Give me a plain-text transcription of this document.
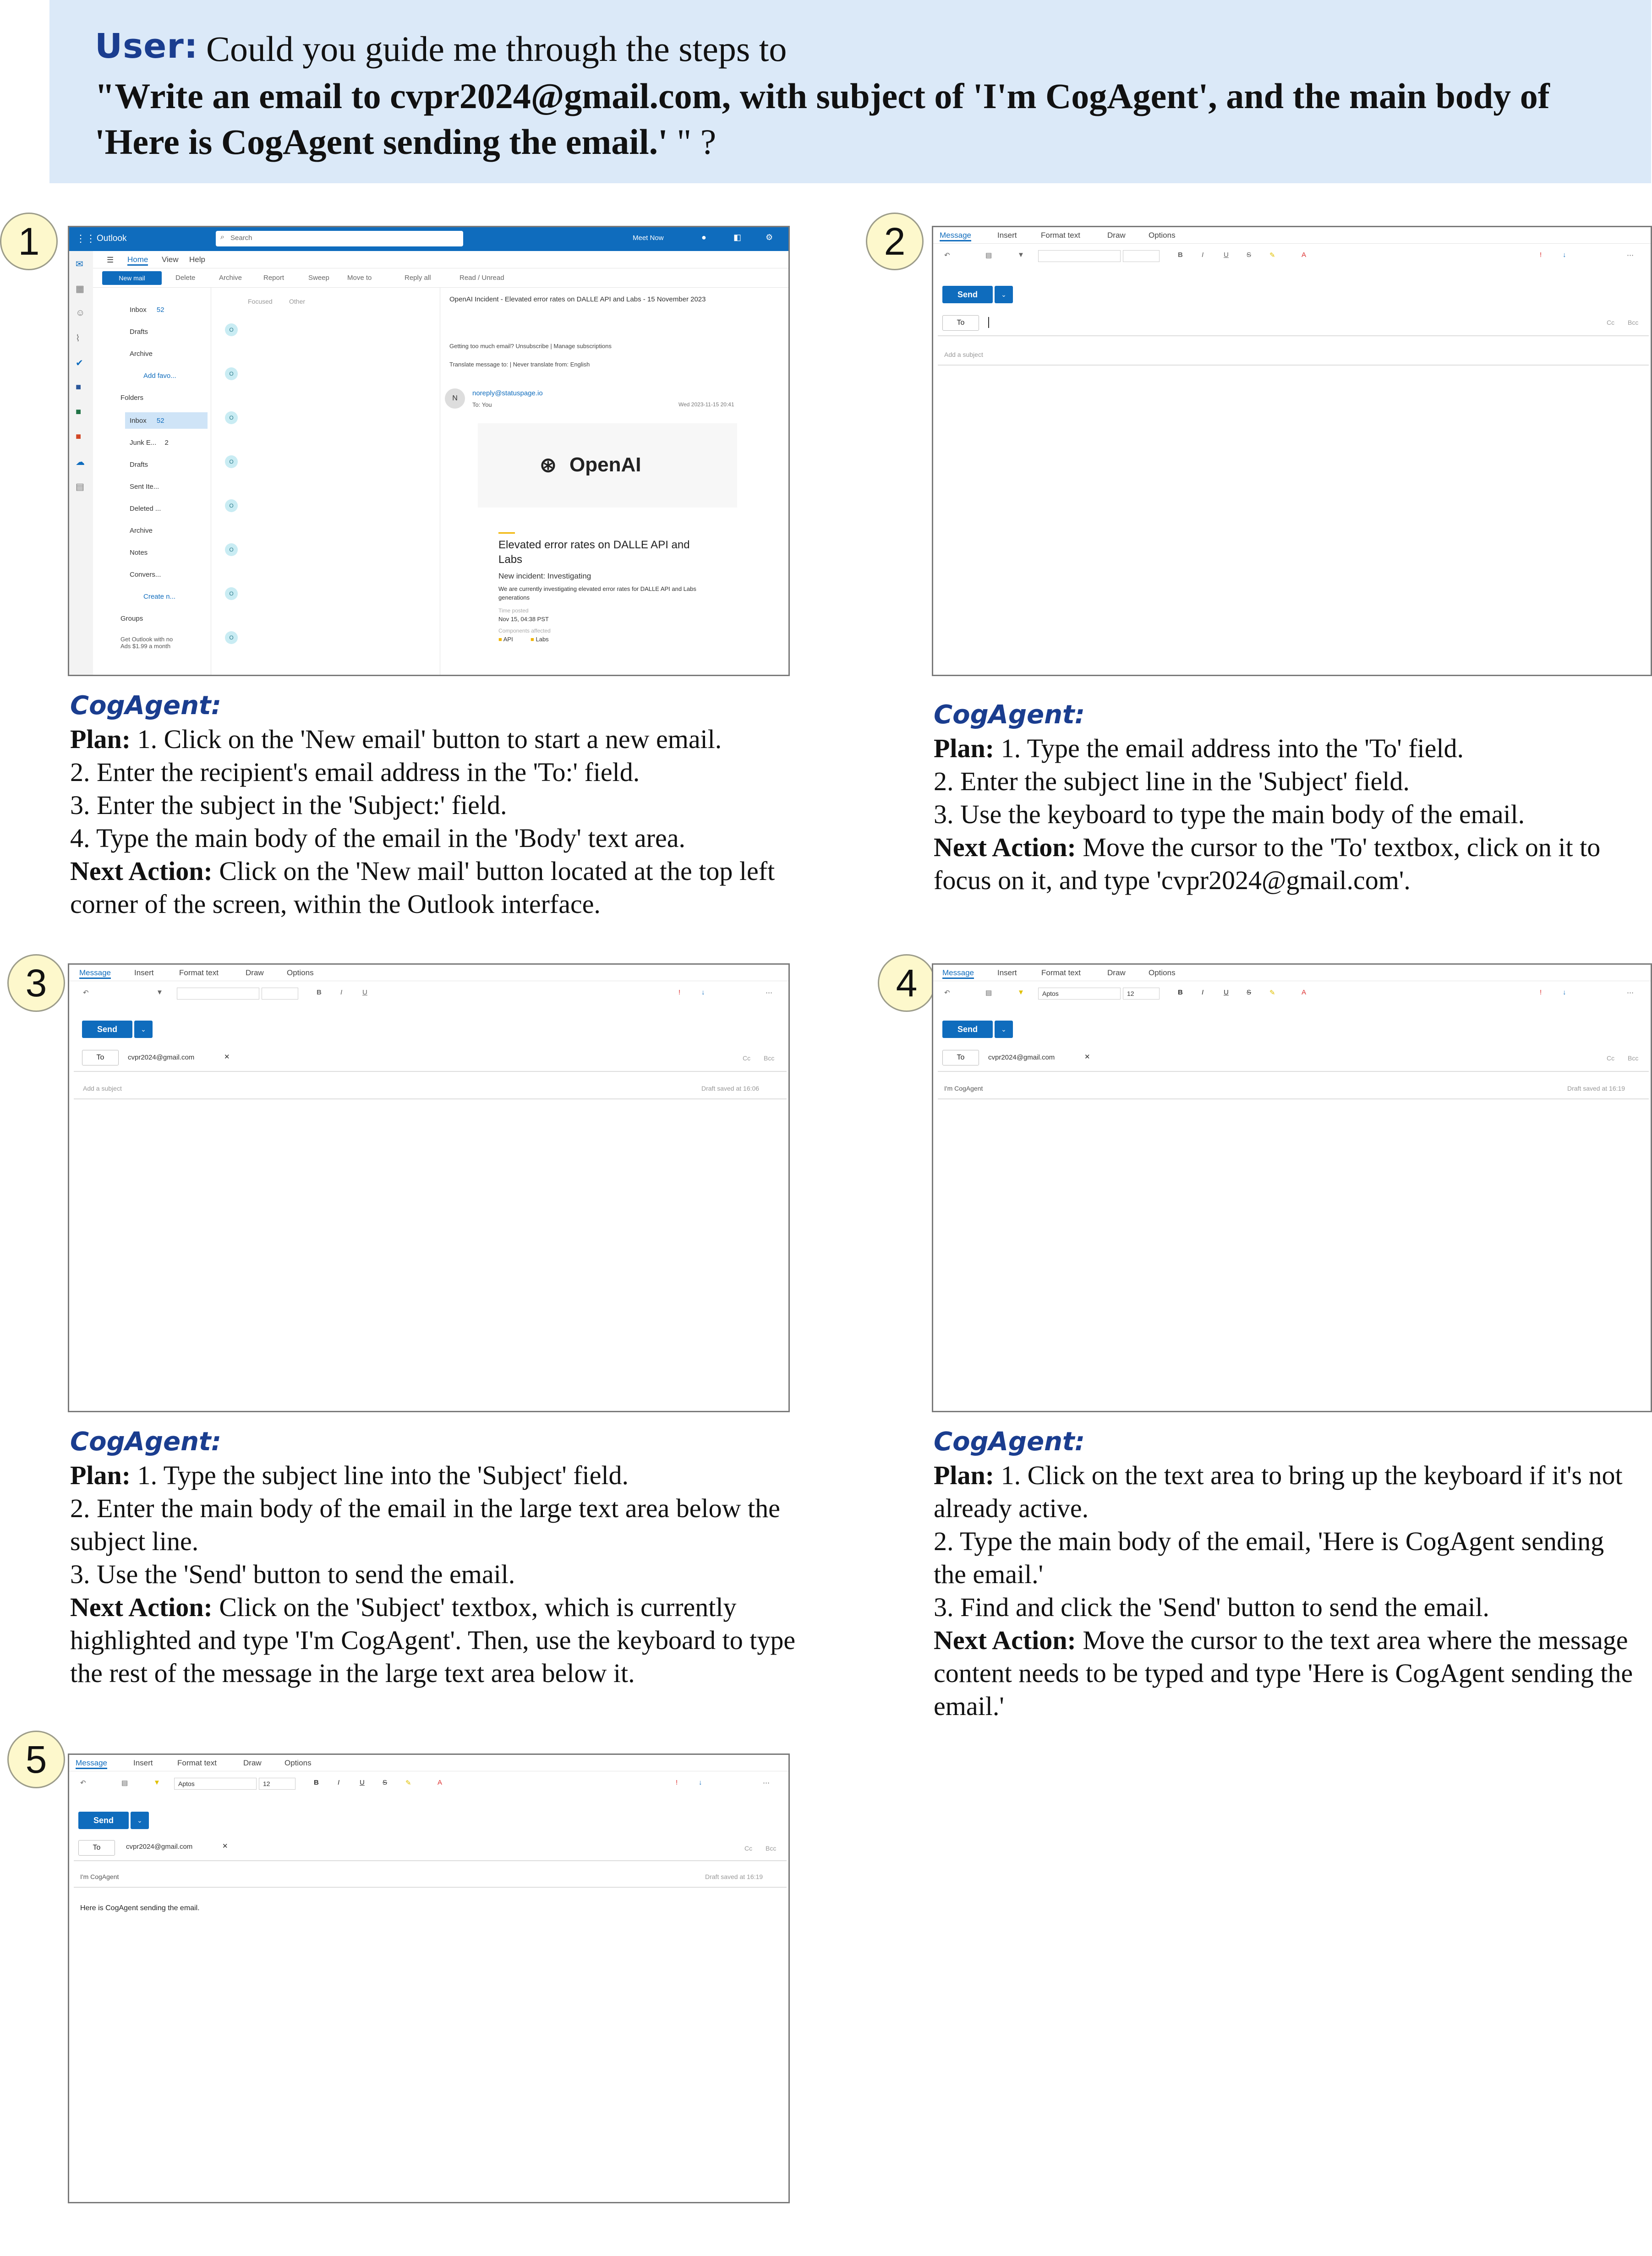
User: Could you guide me through the steps to
"Write an email to cvpr2024@gmail.com, with subject of 'I'm CogAgent', and the main body of 'Here is CogAgent sending the email.' " ?
1	⋮⋮ Outlook	⌕ Search	Meet Now	●	◧	⚙
✉
▦
☺
⌇
✔
■
■
■
☁
▤
☰ Home View Help
New mail	Delete	Archive	Report	Sweep	Move to	Reply all	Read / Unread
Inbox 52
Drafts
Archive
Add favo...
Folders
Inbox 52
Junk E... 2
Drafts
Sent Ite...
Deleted ...
Archive
Notes
Convers...
Create n...
Groups
Get Outlook with no Ads $1.99 a month
Focused	Other
O
O
O
O
O
O
O
O
OpenAI Incident - Elevated error rates on DALLE API and Labs - 15 November 2023
Getting too much email? Unsubscribe | Manage subscriptions
Translate message to: | Never translate from: English
N
noreply@statuspage.io
To: You	Wed 2023-11-15 20:41
⊛ OpenAI
Elevated error rates on DALLE API and Labs
New incident: Investigating
We are currently investigating elevated error rates for DALLE API and Labs generations
Time posted
Nov 15, 04:38 PST
Components affected
■ API	■ Labs
CogAgent:
Plan: 1. Click on the 'New email' button to start a new email.
2. Enter the recipient's email address in the 'To:' field.
3. Enter the subject in the 'Subject:' field.
4. Type the main body of the email in the 'Body' text area.
Next Action: Click on the 'New mail' button located at the top left corner of the screen, within the Outlook interface.
2	Message	Insert	Format text	Draw	Options
↶	▤	▼	B	I	U	S	✎	A	!	↓	⋯
Send	⌄
To	Cc Bcc
Add a subject
CogAgent:
Plan: 1. Type the email address into the 'To' field.
2. Enter the subject line in the 'Subject' field.
3. Use the keyboard to type the main body of the email.
Next Action: Move the cursor to the 'To' textbox, click on it to focus on it, and type 'cvpr2024@gmail.com'.
3	Message	Insert	Format text	Draw	Options
↶	▼	B	I	U	!	↓	⋯
Send	⌄
To	cvpr2024@gmail.com	✕	Cc Bcc
Add a subject	Draft saved at 16:06
CogAgent:
Plan: 1. Type the subject line into the 'Subject' field.
2. Enter the main body of the email in the large text area below the subject line.
3. Use the 'Send' button to send the email.
Next Action: Click on the 'Subject' textbox, which is currently highlighted and type 'I'm CogAgent'. Then, use the keyboard to type the rest of the message in the large text area below it.
4	Message	Insert	Format text	Draw	Options
↶	▤	▼	Aptos	12	B	I	U	S	✎	A	!	↓	⋯
Send	⌄
To	cvpr2024@gmail.com	✕	Cc Bcc
I'm CogAgent	Draft saved at 16:19
CogAgent:
Plan: 1. Click on the text area to bring up the keyboard if it's not already active.
2. Type the main body of the email, 'Here is CogAgent sending the email.'
3. Find and click the 'Send' button to send the email.
Next Action: Move the cursor to the text area where the message content needs to be typed and type 'Here is CogAgent sending the email.'
5	Message	Insert	Format text	Draw	Options
↶	▤	▼	Aptos	12	B	I	U	S	✎	A	!	↓	⋯
Send	⌄
To	cvpr2024@gmail.com	✕	Cc Bcc
I'm CogAgent	Draft saved at 16:19
Here is CogAgent sending the email.
